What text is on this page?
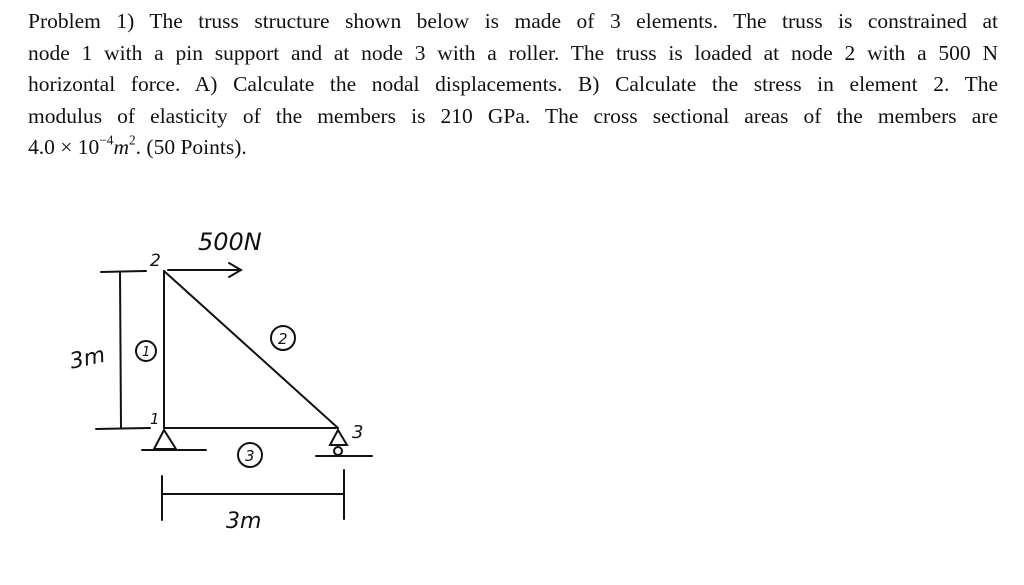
Problem 1) The truss structure shown below is made of 3 elements. The truss is constrained at
node 1 with a pin support and at node 3 with a roller. The truss is loaded at node 2 with a 500 N
horizontal force. A) Calculate the nodal displacements. B) Calculate the stress in element 2. The
modulus of elasticity of the members is 210 GPa. The cross sectional areas of the members are
$4.0 \times 10^{-4}m^2$. (50 Points).
2
1
3
1
2
3
500N
3m
3m
